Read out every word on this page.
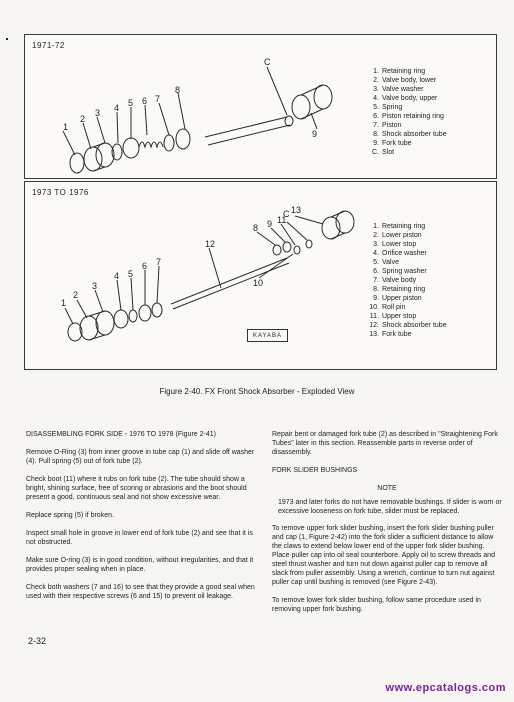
1971-72
1
2
3 4 5 6 7
8
9
C
1. Retaining ring
2. Valve body, lower
3. Valve washer
4. Valve body, upper
5. Spring
6. Piston retaining ring
7. Piston
8. Shock absorber tube
9. Fork tube
C. Slot
1973 TO 1976
1
2
3
4 5
6 7
8 9
10
11
12
13
C
KAYABA
1. Retaining ring
2. Lower piston
3. Lower stop
4. Orifice washer
5. Valve
6. Spring washer
7. Valve body
8. Retaining ring
9. Upper piston
10. Roll pin
11. Upper stop
12. Shock absorber tube
13. Fork tube
Figure 2-40. FX Front Shock Absorber - Exploded View
DISASSEMBLING FORK SIDE - 1976 TO 1978 (Figure 2-41)

Remove O-Ring (3) from inner groove in tube cap (1) and slide off washer (4). Pull spring (5) out of fork tube (2).

Check boot (11) where it rubs on fork tube (2). The tube should show a bright, shining surface, free of scoring or abrasions and the boot should present a good, continuous seal and not show excessive wear.

Replace spring (5) if broken.

Inspect small hole in groove in lower end of fork tube (2) and see that it is not obstructed.

Make sure O-ring (3) is in good condition, without irregularities, and that it provides proper sealing when in place.

Check both washers (7 and 16) to see that they provide a good seal when used with their respective screws (6 and 15) to prevent oil leakage.

Repair bent or damaged fork tube (2) as described in "Straightening Fork Tubes" later in this section. Reassemble parts in reverse order of disassembly.

FORK SLIDER BUSHINGS
NOTE
1973 and later forks do not have removable bushings. If slider is worn or excessive looseness on fork tube, slider must be replaced.

To remove upper fork slider bushing, insert the fork slider bushing puller and cap (1, Figure 2-42) into the fork slider a sufficient distance to allow the claws to extend below lower end of the upper fork slider bushing. Place puller cap into oil seal counterbore. Apply oil to screw threads and steel thrust washer and turn nut down against puller cap to remove all slack from puller assembly. Using a wrench, continue to turn nut against puller cap until bushing is removed (see Figure 2-43).

To remove lower fork slider bushing, follow same procedure used in removing upper fork bushing.

2-32
www.epcatalogs.com
